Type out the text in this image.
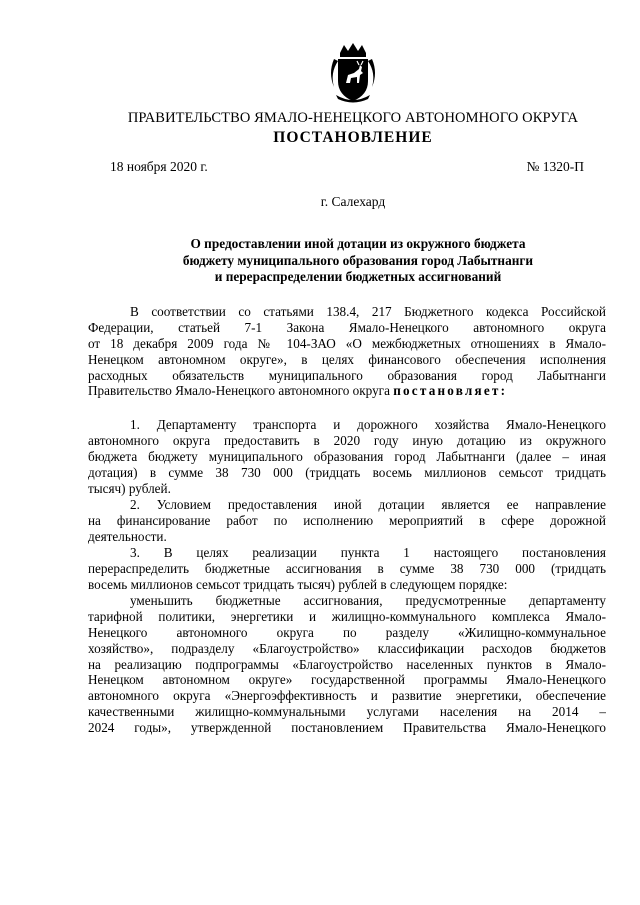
ПРАВИТЕЛЬСТВО ЯМАЛО-НЕНЕЦКОГО АВТОНОМНОГО ОКРУГА
ПОСТАНОВЛЕНИЕ
18 ноября 2020 г.	№ 1320-П
г. Салехард
О предоставлении иной дотации из окружного бюджета
бюджету муниципального образования город Лабытнанги
и перераспределении бюджетных ассигнований
В соответствии со статьями 138.4, 217 Бюджетного кодекса Российской
Федерации, статьей 7-1 Закона Ямало-Ненецкого автономного округа
от 18 декабря 2009 года № 104-ЗАО «О межбюджетных отношениях в Ямало-
Ненецком автономном округе», в целях финансового обеспечения исполнения
расходных обязательств муниципального образования город Лабытнанги
Правительство Ямало-Ненецкого автономного округа постановляет:
1. Департаменту транспорта и дорожного хозяйства Ямало-Ненецкого
автономного округа предоставить в 2020 году иную дотацию из окружного
бюджета бюджету муниципального образования город Лабытнанги (далее – иная
дотация) в сумме 38 730 000 (тридцать восемь миллионов семьсот тридцать
тысяч) рублей.
2. Условием предоставления иной дотации является ее направление
на финансирование работ по исполнению мероприятий в сфере дорожной
деятельности.
3. В целях реализации пункта 1 настоящего постановления
перераспределить бюджетные ассигнования в сумме 38 730 000 (тридцать
восемь миллионов семьсот тридцать тысяч) рублей в следующем порядке:
уменьшить бюджетные ассигнования, предусмотренные департаменту
тарифной политики, энергетики и жилищно-коммунального комплекса Ямало-
Ненецкого автономного округа по разделу «Жилищно-коммунальное
хозяйство», подразделу «Благоустройство» классификации расходов бюджетов
на реализацию подпрограммы «Благоустройство населенных пунктов в Ямало-
Ненецком автономном округе» государственной программы Ямало-Ненецкого
автономного округа «Энергоэффективность и развитие энергетики, обеспечение
качественными жилищно-коммунальными услугами населения на 2014 –
2024 годы», утвержденной постановлением Правительства Ямало-Ненецкого
